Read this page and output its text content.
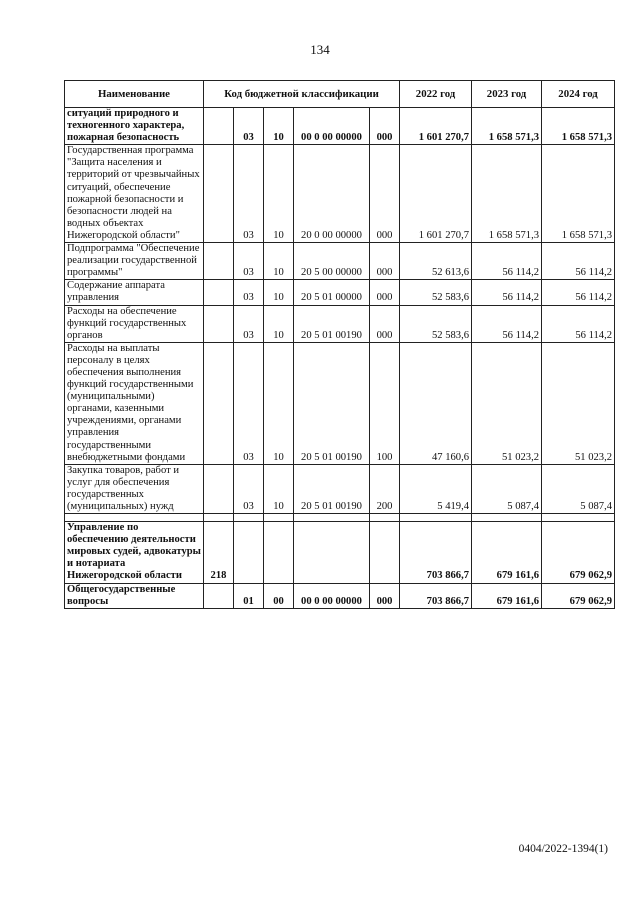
134
Наименование	Код бюджетной классификации					2022 год	2023 год	2024 год

ситуаций природного и техногенного характера, пожарная безопасность		03	10	00 0 00 00000	000	1 601 270,7	1 658 571,3	1 658 571,3

Государственная программа "Защита населения и территорий от чрезвычайных ситуаций, обеспечение пожарной безопасности и безопасности людей на водных объектах Нижегородской области"		03	10	20 0 00 00000	000	1 601 270,7	1 658 571,3	1 658 571,3

Подпрограмма "Обеспечение реализации государственной программы"		03	10	20 5 00 00000	000	52 613,6	56 114,2	56 114,2

Содержание аппарата управления		03	10	20 5 01 00000	000	52 583,6	56 114,2	56 114,2

Расходы на обеспечение функций государственных органов		03	10	20 5 01 00190	000	52 583,6	56 114,2	56 114,2

Расходы на выплаты персоналу в целях обеспечения выполнения функций государственными (муниципальными) органами, казенными учреждениями, органами управления государственными внебюджетными фондами		03	10	20 5 01 00190	100	47 160,6	51 023,2	51 023,2

Закупка товаров, работ и услуг для обеспечения государственных (муниципальных) нужд		03	10	20 5 01 00190	200	5 419,4	5 087,4	5 087,4

Управление по обеспечению деятельности мировых судей, адвокатуры и нотариата Нижегородской области	218					703 866,7	679 161,6	679 062,9

Общегосударственные вопросы		01	00	00 0 00 00000	000	703 866,7	679 161,6	679 062,9
0404/2022-1394(1)
